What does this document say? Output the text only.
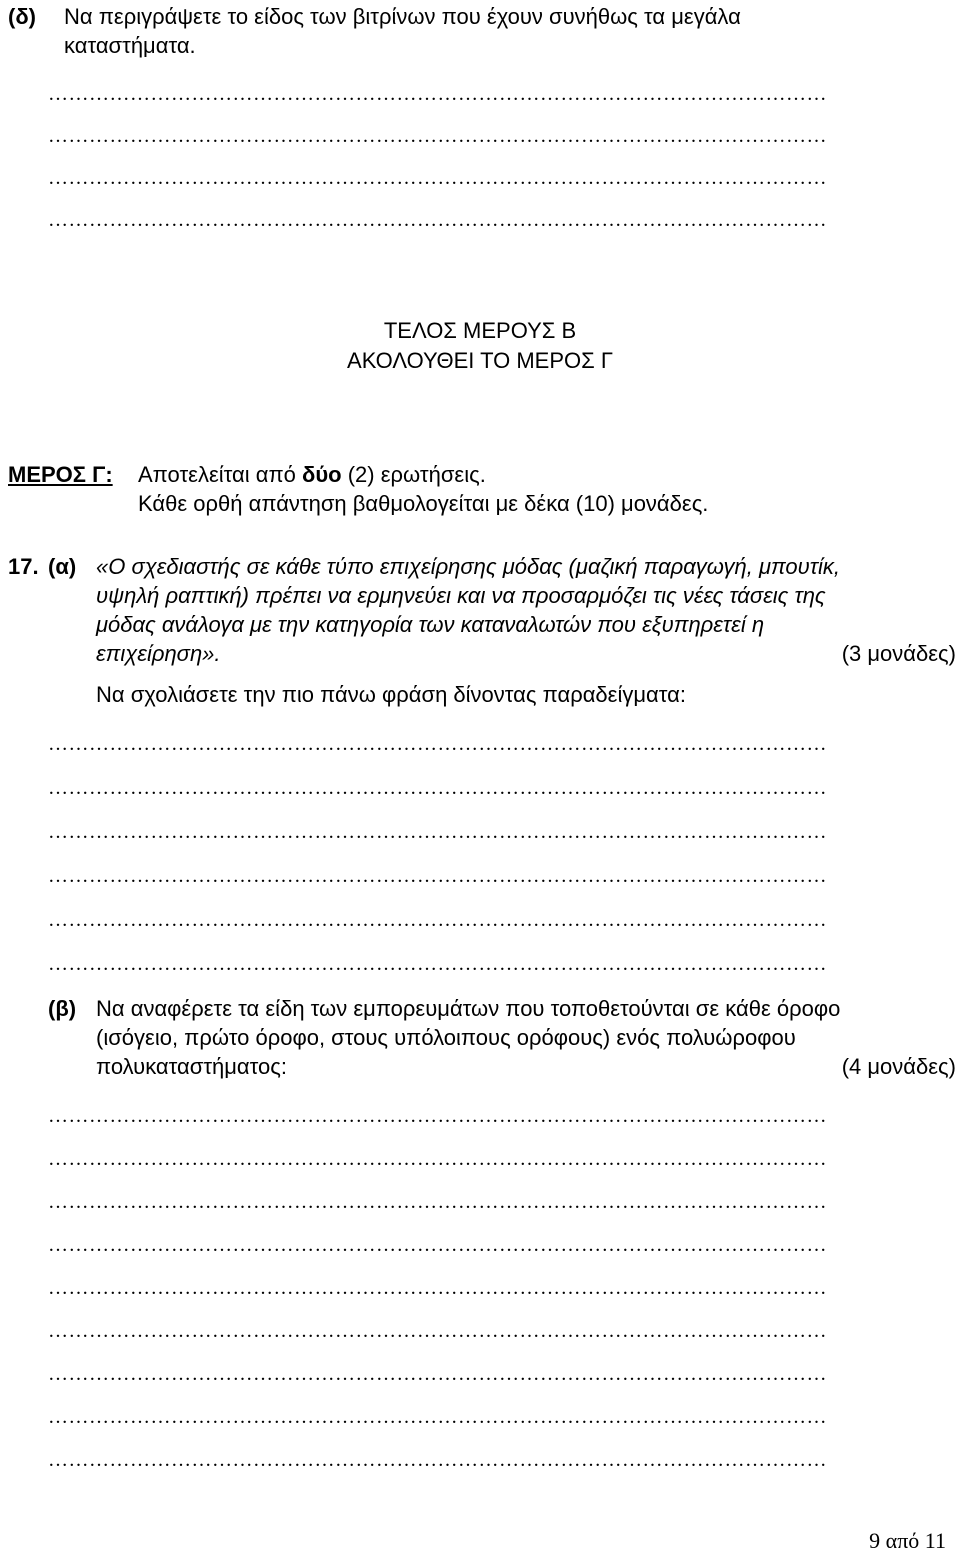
(δ) Να περιγράψετε το είδος των βιτρίνων που έχουν συνήθως τα μεγάλα
καταστήματα.
……………………………………………………………………………………………………
……………………………………………………………………………………………………
……………………………………………………………………………………………………
……………………………………………………………………………………………………
ΤΕΛΟΣ ΜΕΡΟΥΣ Β
ΑΚΟΛΟΥΘΕΙ ΤΟ ΜΕΡΟΣ Γ
ΜΕΡΟΣ Γ: Αποτελείται από δύο (2) ερωτήσεις.
Κάθε ορθή απάντηση βαθμολογείται με δέκα (10) μονάδες.
17. (α) «Ο σχεδιαστής σε κάθε τύπο επιχείρησης μόδας (μαζική παραγωγή, μπουτίκ,
υψηλή ραπτική) πρέπει να ερμηνεύει και να προσαρμόζει τις νέες τάσεις της
μόδας ανάλογα με την κατηγορία των καταναλωτών που εξυπηρετεί η
επιχείρηση».	(3 μονάδες)
Να σχολιάσετε την πιο πάνω φράση δίνοντας παραδείγματα:
……………………………………………………………………………………………………
……………………………………………………………………………………………………
……………………………………………………………………………………………………
……………………………………………………………………………………………………
……………………………………………………………………………………………………
……………………………………………………………………………………………………
(β) Να αναφέρετε τα είδη των εμπορευμάτων που τοποθετούνται σε κάθε όροφο
(ισόγειο, πρώτο όροφο, στους υπόλοιπους ορόφους) ενός πολυώροφου
πολυκαταστήματος:	(4 μονάδες)
……………………………………………………………………………………………………
……………………………………………………………………………………………………
……………………………………………………………………………………………………
……………………………………………………………………………………………………
……………………………………………………………………………………………………
……………………………………………………………………………………………………
……………………………………………………………………………………………………
……………………………………………………………………………………………………
……………………………………………………………………………………………………
9 από 11
